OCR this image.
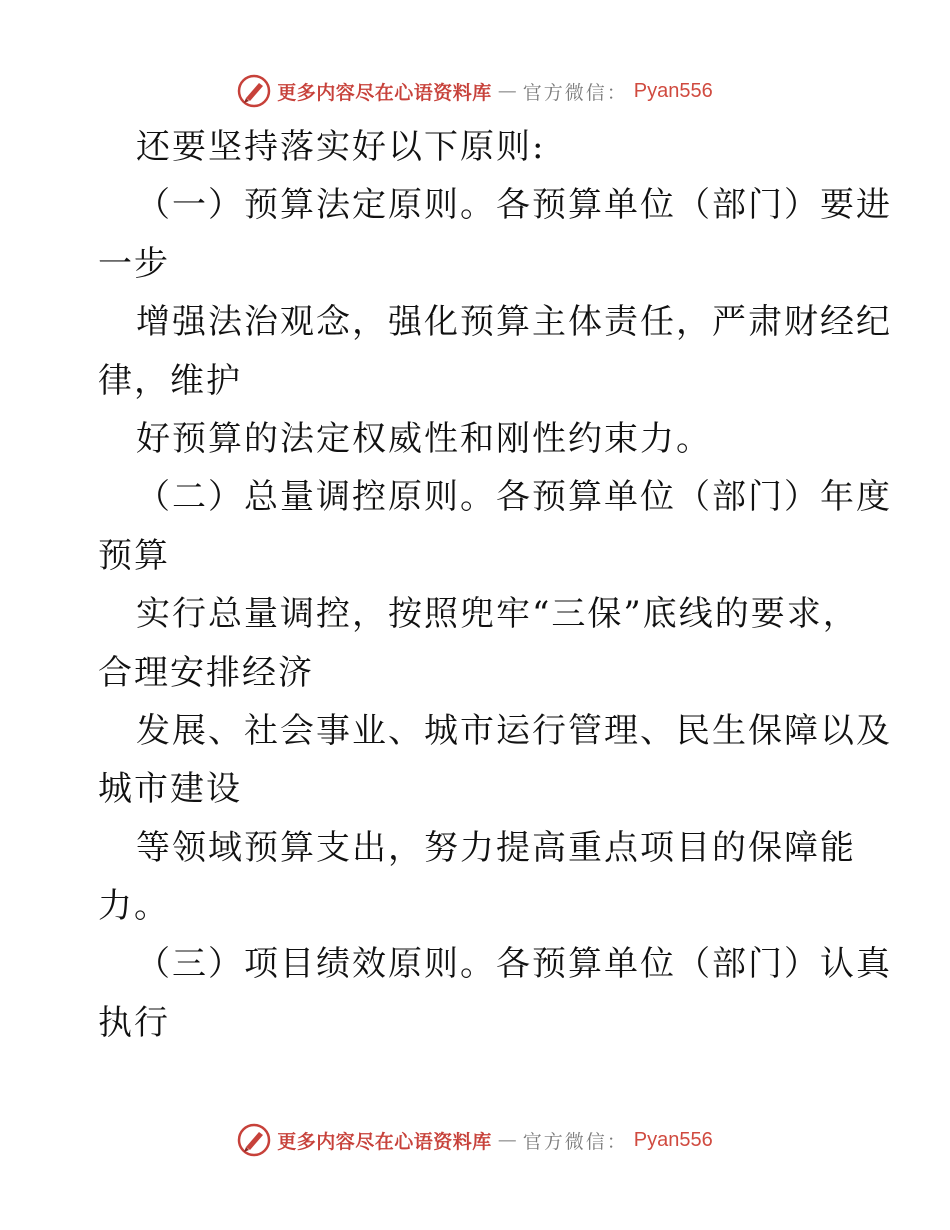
更多内容尽在心语资料库 — 官方微信： Pyan556
还要坚持落实好以下原则:
（一）预算法定原则。各预算单位（部门）要进
一步
增强法治观念，强化预算主体责任，严肃财经纪
律，维护
好预算的法定权威性和刚性约束力。
（二）总量调控原则。各预算单位（部门）年度
预算
实行总量调控，按照兜牢“三保”底线的要求，
合理安排经济
发展、社会事业、城市运行管理、民生保障以及
城市建设
等领域预算支出，努力提高重点项目的保障能
力。
（三）项目绩效原则。各预算单位（部门）认真
执行
更多内容尽在心语资料库 — 官方微信： Pyan556
